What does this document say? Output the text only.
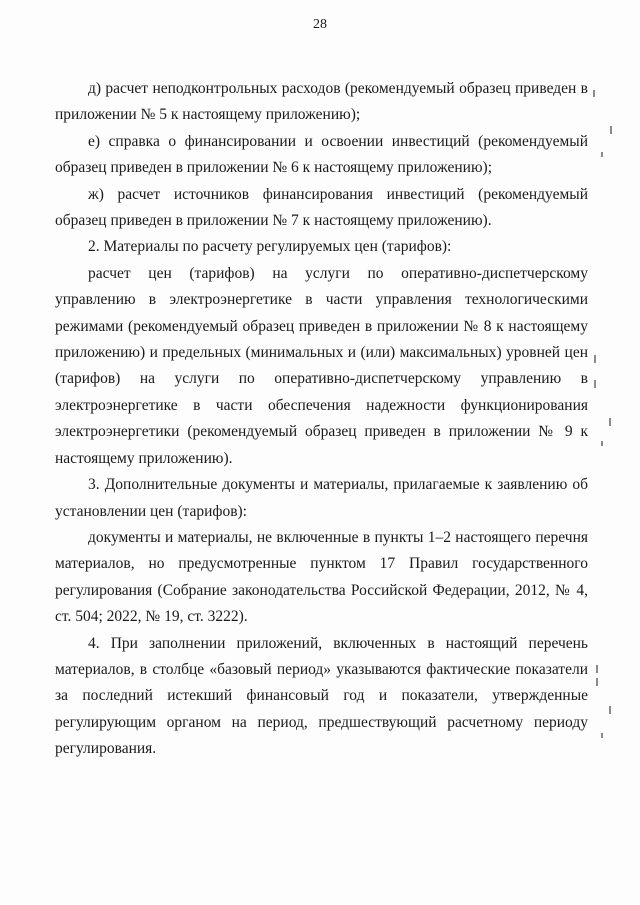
28

д) расчет неподконтрольных расходов (рекомендуемый образец приведен в приложении № 5 к настоящему приложению);

е) справка о финансировании и освоении инвестиций (рекомендуемый образец приведен в приложении № 6 к настоящему приложению);

ж) расчет источников финансирования инвестиций (рекомендуемый образец приведен в приложении № 7 к настоящему приложению).

2. Материалы по расчету регулируемых цен (тарифов):

расчет цен (тарифов) на услуги по оперативно-диспетчерскому управлению в электроэнергетике в части управления технологическими режимами (рекомендуемый образец приведен в приложении № 8 к настоящему приложению) и предельных (минимальных и (или) максимальных) уровней цен (тарифов) на услуги по оперативно-диспетчерскому управлению в электроэнергетике в части обеспечения надежности функционирования электроэнергетики (рекомендуемый образец приведен в приложении № 9 к настоящему приложению).

3. Дополнительные документы и материалы, прилагаемые к заявлению об установлении цен (тарифов):

документы и материалы, не включенные в пункты 1–2 настоящего перечня материалов, но предусмотренные пунктом 17 Правил государственного регулирования (Собрание законодательства Российской Федерации, 2012, № 4, ст. 504; 2022, № 19, ст. 3222).

4. При заполнении приложений, включенных в настоящий перечень материалов, в столбце «базовый период» указываются фактические показатели за последний истекший финансовый год и показатели, утвержденные регулирующим органом на период, предшествующий расчетному периоду регулирования.
